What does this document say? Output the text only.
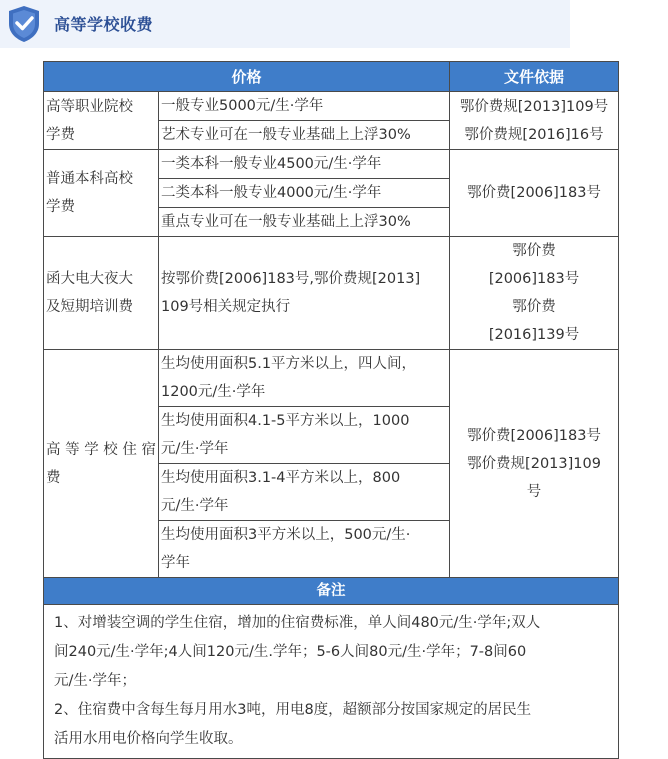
高等学校收费
价格		文件依据

高等职业院校
学费	一般专业5000元/生·学年	鄂价费规[2013]109号
鄂价费规[2016]16号

	艺术专业可在一般专业基础上上浮30%	

普通本科高校
学费	一类本科一般专业4500元/生·学年	鄂价费[2006]183号

	二类本科一般专业4000元/生·学年	

	重点专业可在一般专业基础上上浮30%	

函大电大夜大
及短期培训费	按鄂价费[2006]183号,鄂价费规[2013]
109号相关规定执行	鄂价费
[2006]183号
鄂价费
[2016]139号

高等学校住宿
费	生均使用面积5.1平方米以上，四人间，
1200元/生·学年	鄂价费[2006]183号
鄂价费规[2013]109
号

	生均使用面积4.1-5平方米以上，1000
元/生·学年	

	生均使用面积3.1-4平方米以上，800
元/生·学年	

	生均使用面积3平方米以上，500元/生·
学年	

备注		

1、对增装空调的学生住宿，增加的住宿费标准，单人间480元/生·学年;双人
间240元/生·学年;4人间120元/生.学年；5-6人间80元/生·学年；7-8间60
元/生·学年；
2、住宿费中含每生每月用水3吨，用电8度，超额部分按国家规定的居民生
活用水用电价格向学生收取。		
